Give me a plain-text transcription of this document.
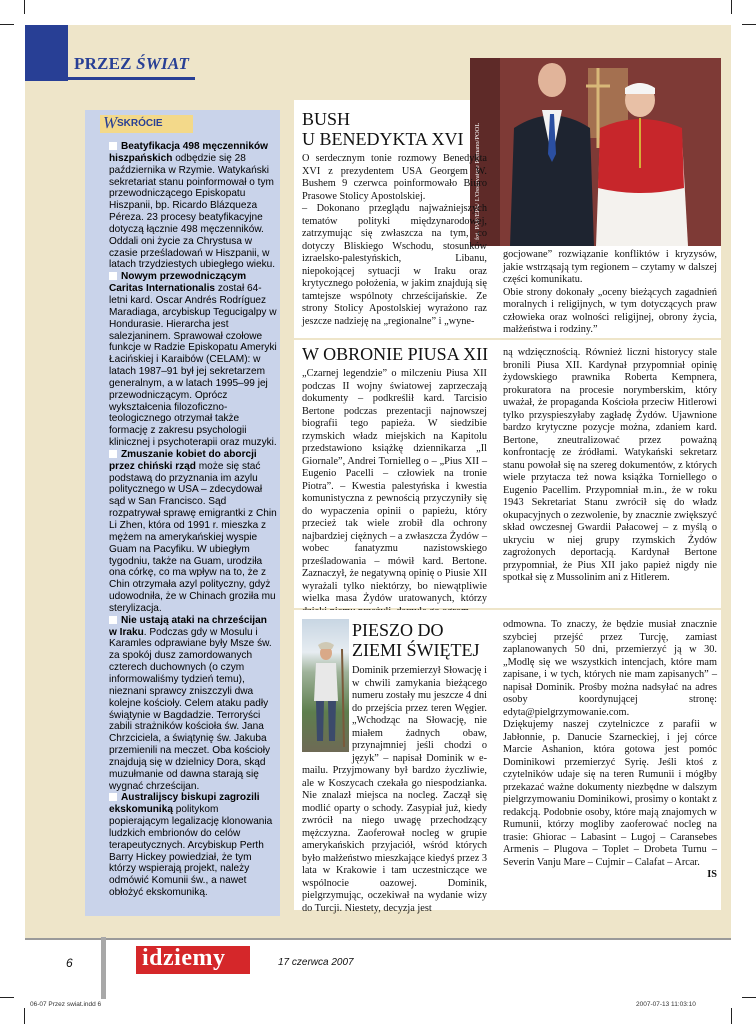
PRZEZ ŚWIAT
W SKRÓCIE

Beatyfikacja 498 męczenników hiszpańskich odbędzie się 28 października w Rzymie. Watykański sekretariat stanu poinformował o tym przewodniczącego Episkopatu Hiszpanii, bp. Ricardo Blázqueza Péreza. 23 procesy beatyfikacyjne dotyczą łącznie 498 męczenników. Oddali oni życie za Chrystusa w czasie prześladowań w Hiszpanii, w latach trzydziestych ubiegłego wieku.

Nowym przewodniczącym Caritas Internationalis został 64-letni kard. Oscar Andrés Rodríguez Maradiaga, arcybiskup Tegucigalpy w Hondurasie. Hierarcha jest salezjaninem. Sprawował czołowe funkcje w Radzie Episkopatu Ameryki Łacińskiej i Karaibów (CELAM): w latach 1987–91 był jej sekretarzem generalnym, a w latach 1995–99 jej przewodniczącym. Oprócz wykształcenia filozoficzno-teologicznego otrzymał także formację z zakresu psychologii klinicznej i psychoterapii oraz muzyki.

Zmuszanie kobiet do aborcji przez chiński rząd może się stać podstawą do przyznania im azylu politycznego w USA – zdecydował sąd w San Francisco. Sąd rozpatrywał sprawę emigrantki z Chin Li Zhen, która od 1991 r. mieszka z mężem na amerykańskiej wyspie Guam na Pacyfiku. W ubiegłym tygodniu, także na Guam, urodziła ona córkę, co ma wpływ na to, że z Chin otrzymała azyl polityczny, gdyż udowodniła, że w Chinach groziła mu sterylizacja.

Nie ustają ataki na chrześcijan w Iraku. Podczas gdy w Mosulu i Karamles odprawiane były Msze św. za spokój dusz zamordowanych czterech duchownych (o czym informowaliśmy tydzień temu), nieznani sprawcy zniszczyli dwa kolejne kościoły. Celem ataku padły świątynie w Bagdadzie. Terroryści zabili strażników kościoła św. Jana Chrzciciela, a świątynię św. Jakuba przemienili na meczet. Oba kościoły znajdują się w dzielnicy Dora, skąd muzułmanie od dawna starają się wygnać chrześcijan.

Australijscy biskupi zagrozili ekskomuniką politykom popierającym legalizację klonowania ludzkich embrionów do celów terapeutycznych. Arcybiskup Perth Barry Hickey powiedział, że tym którzy wspierają projekt, należy odmówić Komunii św., a nawet obłożyć ekskomuniką.

fot. PAP/EPA/ L'Osservatore Romano/POOL
BUSH
U BENEDYKTA XVI

O serdecznym tonie rozmowy Benedykta XVI z prezydentem USA Georgem W. Bushem 9 czerwca poinformowało Biuro Prasowe Stolicy Apostolskiej.

– Dokonano przeglądu najważniejszych tematów polityki międzynarodowej, zatrzymując się zwłaszcza na tym, co dotyczy Bliskiego Wschodu, stosunków izraelsko-palestyńskich, Libanu, niepokojącej sytuacji w Iraku oraz krytycznego położenia, w jakim znajdują się tamtejsze wspólnoty chrześcijańskie. Ze strony Stolicy Apostolskiej wyrażono raz jeszcze nadzieję na „regionalne” i „wyne-

gocjowane” rozwiązanie konfliktów i kryzysów, jakie wstrząsają tym regionem – czytamy w dalszej części komunikatu.

Obie strony dokonały „oceny bieżących zagadnień moralnych i religijnych, w tym dotyczących praw człowieka oraz wolności religijnej, obrony życia, małżeństwa i rodziny.”

W OBRONIE PIUSA XII
„Czarnej legendzie” o milczeniu Piusa XII podczas II wojny światowej zaprzeczają dokumenty – podkreślił kard. Tarcisio Bertone podczas prezentacji najnowszej biografii tego papieża. W siedzibie rzymskich władz miejskich na Kapitolu przedstawiono książkę dziennikarza „Il Giornale”, Andrei Tornielleg o – „Pius XII – Eugenio Pacelli – człowiek na tronie Piotra”. – Kwestia palestyńska i kwestia komunistyczna z pewnością przyczyniły się do wypaczenia opinii o papieżu, który przecież tak wiele zrobił dla ochrony najbardziej ciężnych – a zwłaszcza Żydów – wobec fanatyzmu nazistowskiego prześladowania – mówił kard. Bertone. Zaznaczył, że negatywną opinię o Piusie XII wyrażali tylko niektórzy, bo niewątpliwie wielka masa Żydów uratowanych, którzy
ną wdzięcznością. Również liczni historycy stale bronili Piusa XII. Kardynał przypomniał opinię żydowskiego prawnika Roberta Kempnera, prokuratora na procesie norymberskim, który uważał, że propaganda Kościoła przeciw Hitlerowi tylko przyspieszyłaby zagładę Żydów. Ujawnione bardzo krytyczne pozycje można, zdaniem kard. Bertone, zneutralizować przez poważną konfrontację ze źródłami. Watykański sekretarz stanu powołał się na szereg dokumentów, z których wiele przytacza też nowa książka Torniellego o Eugenio Pacellim. Przypomniał m.in., że w roku 1943 Sekretariat Stanu zwrócił się do władz okupacyjnych o zezwolenie, by znacznie zwiększyć skład owczesnej Gwardii Pałacowej – z myślą o ukryciu w niej grupy rzymskich Żydów zagrożonych deportacją. Kardynał Bertone przypomniał, że Pius XII jako papież nigdy nie spotkał się z Mussolinim ani z Hitlerem.
PIESZO DO
ZIEMI ŚWIĘTEJ

Dominik przemierzył Słowację i w chwili zamykania bieżącego numeru zostały mu jeszcze 4 dni do przejścia przez teren Węgier. „Wchodząc na Słowację, nie miałem żadnych obaw, przynajmniej jeśli chodzi o język” – napisał Dominik w e-mailu. Przyjmowany był bardzo życzliwie, ale w Koszycach czekała go niespodzianka. Nie znalazł miejsca na nocleg. Zaczął się modlić oparty o schody. Zasypiał już, kiedy zwrócił na niego uwagę przechodzący mężczyzna. Zaoferował nocleg w grupie amerykańskich przyjaciół, wśród których było małżeństwo mieszkające kiedyś przez 3 lata w Krakowie i tam uczestniczące we wspólnocie oazowej. Dominik, pielgrzymując, oczekiwał na wydanie wizy do Turcji. Niestety, decyzja jest

odmowna. To znaczy, że będzie musiał znacznie szybciej przejść przez Turcję, zamiast zaplanowanych 50 dni, przemierzyć ją w 30. „Modlę się we wszystkich intencjach, które mam zapisane, i w tych, których nie mam zapisanych” – napisał Dominik. Prośby można nadsyłać na adres osoby koordynującej stronę: edyta@pielgrzymowanie.com.

Dziękujemy naszej czytelniczce z parafii w Jabłonnie, p. Danucie Szarneckiej, i jej córce Marcie Ashanion, która gotowa jest pomóc Dominikowi przemierzyć Syrię. Jeśli ktoś z czytelników udaje się na teren Rumunii i mógłby przekazać ważne dokumenty niezbędne w dalszym pielgrzymowaniu Dominikowi, prosimy o kontakt z redakcją. Podobnie osoby, które mają znajomych w Rumunii, którzy mogliby zaoferować nocleg na trasie: Ghiorac – Labasint – Lugoj – Caransebes Armenis – Plugova – Toplet – Drobeta Turnu – Severin Vanju Mare – Cujmir – Calafat – Arcar.

IS

6	idziemy	17 czerwca 2007
06-07 Przez swiat.indd 6	2007-07-13 11:03:10
